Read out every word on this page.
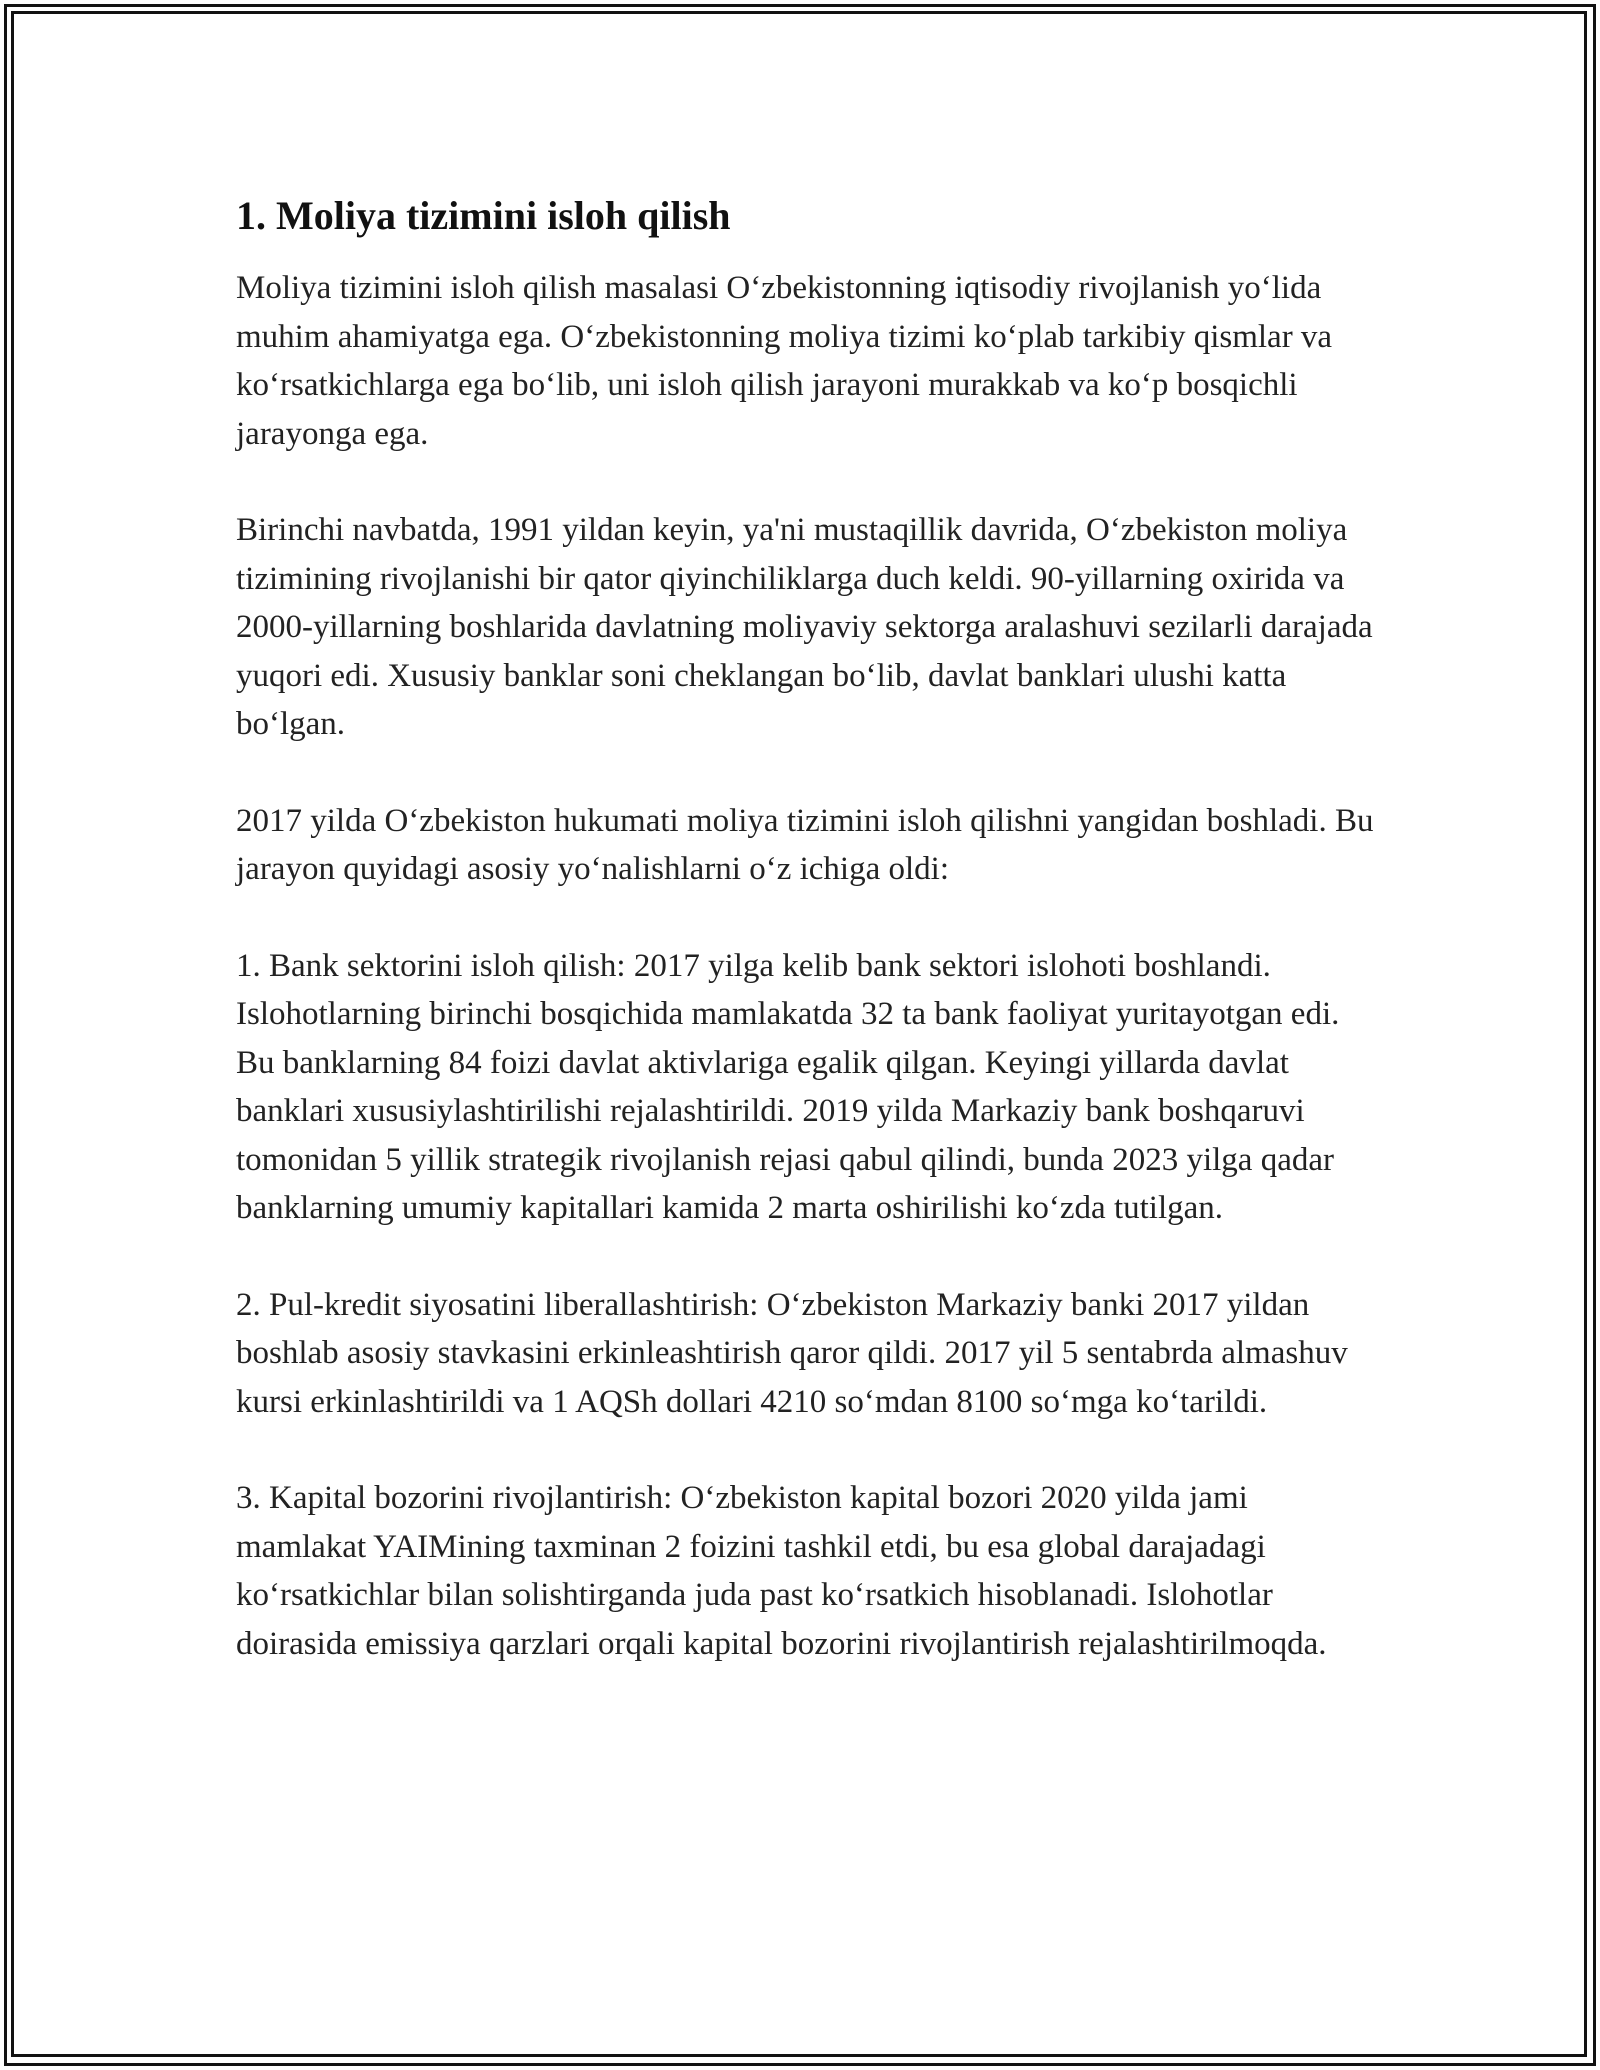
1. Moliya tizimini isloh qilish

Moliya tizimini isloh qilish masalasi O‘zbekistonning iqtisodiy rivojlanish yo‘lida muhim ahamiyatga ega. O‘zbekistonning moliya tizimi ko‘plab tarkibiy qismlar va ko‘rsatkichlarga ega bo‘lib, uni isloh qilish jarayoni murakkab va ko‘p bosqichli jarayonga ega.

Birinchi navbatda, 1991 yildan keyin, ya'ni mustaqillik davrida, O‘zbekiston moliya tizimining rivojlanishi bir qator qiyinchiliklarga duch keldi. 90-yillarning oxirida va 2000-yillarning boshlarida davlatning moliyaviy sektorga aralashuvi sezilarli darajada yuqori edi. Xususiy banklar soni cheklangan bo‘lib, davlat banklari ulushi katta bo‘lgan.

2017 yilda O‘zbekiston hukumati moliya tizimini isloh qilishni yangidan boshladi. Bu jarayon quyidagi asosiy yo‘nalishlarni o‘z ichiga oldi:

1. Bank sektorini isloh qilish: 2017 yilga kelib bank sektori islohoti boshlandi. Islohotlarning birinchi bosqichida mamlakatda 32 ta bank faoliyat yuritayotgan edi. Bu banklarning 84 foizi davlat aktivlariga egalik qilgan. Keyingi yillarda davlat banklari xususiylashtirilishi rejalashtirildi. 2019 yilda Markaziy bank boshqaruvi tomonidan 5 yillik strategik rivojlanish rejasi qabul qilindi, bunda 2023 yilga qadar banklarning umumiy kapitallari kamida 2 marta oshirilishi ko‘zda tutilgan.

2. Pul-kredit siyosatini liberallashtirish: O‘zbekiston Markaziy banki 2017 yildan boshlab asosiy stavkasini erkinleashtirish qaror qildi. 2017 yil 5 sentabrda almashuv kursi erkinlashtirildi va 1 AQSh dollari 4210 so‘mdan 8100 so‘mga ko‘tarildi.

3. Kapital bozorini rivojlantirish: O‘zbekiston kapital bozori 2020 yilda jami mamlakat YAIMining taxminan 2 foizini tashkil etdi, bu esa global darajadagi ko‘rsatkichlar bilan solishtirganda juda past ko‘rsatkich hisoblanadi. Islohotlar doirasida emissiya qarzlari orqali kapital bozorini rivojlantirish rejalashtirilmoqda.
